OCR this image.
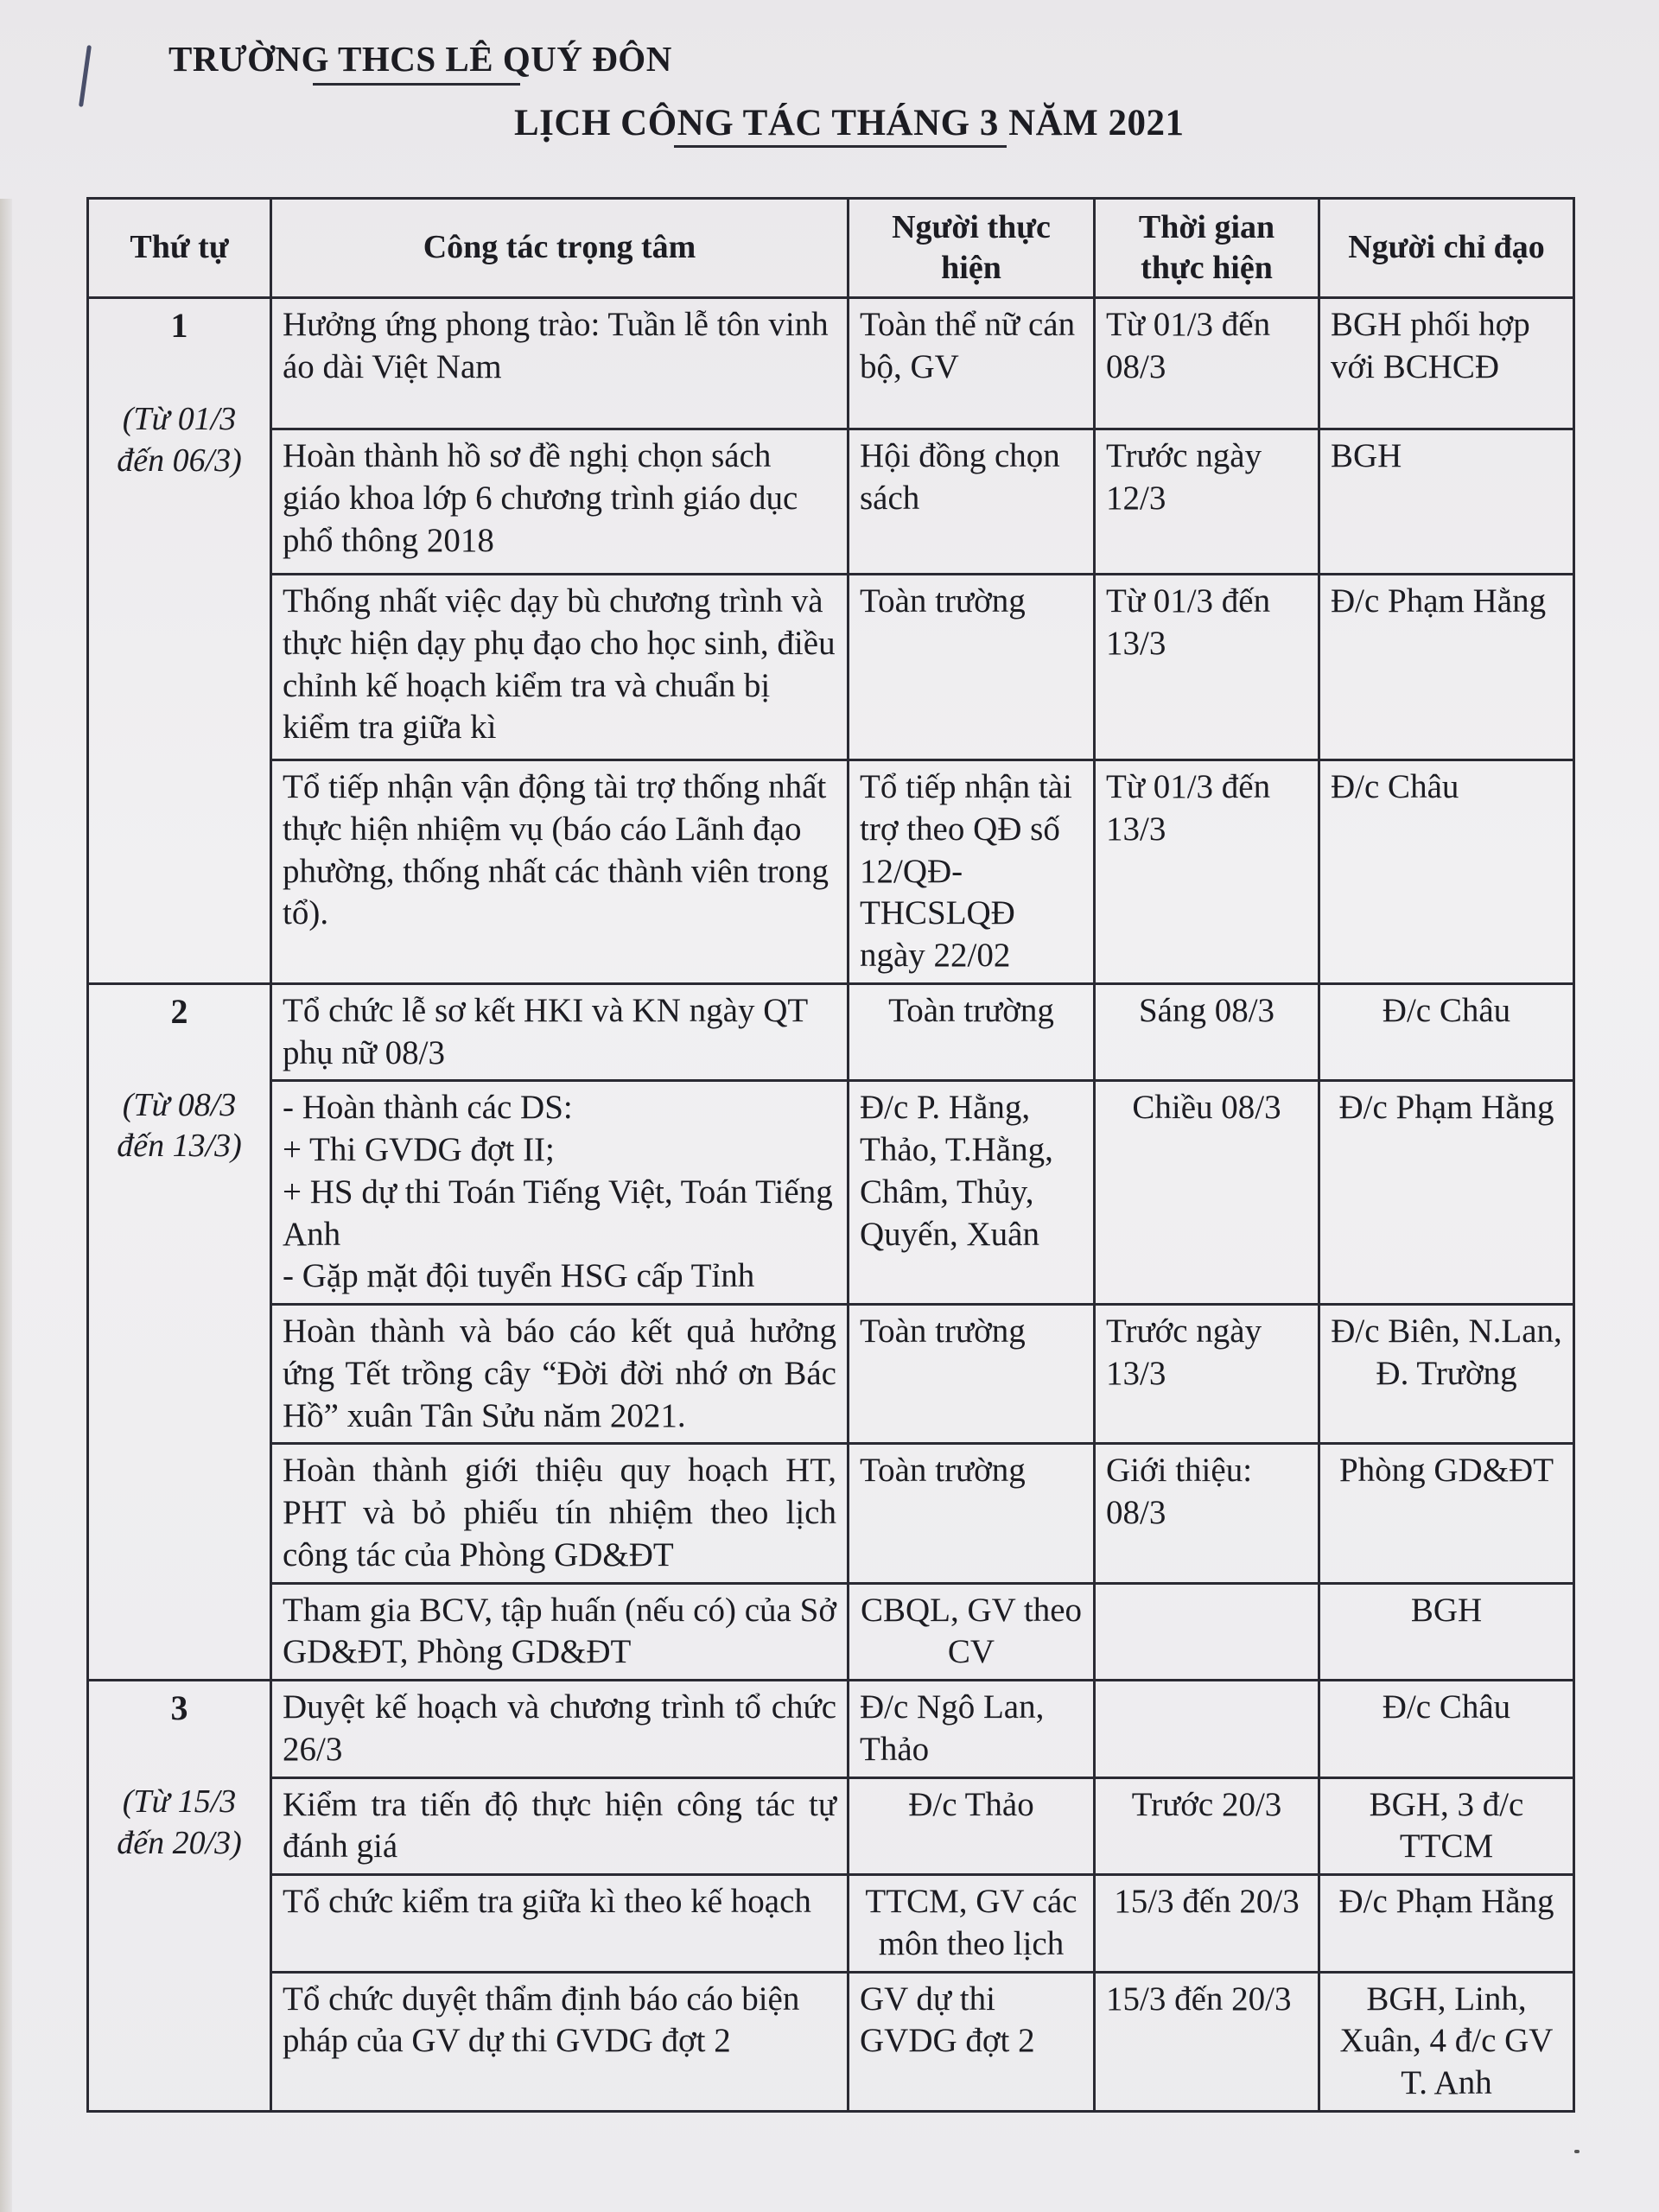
TRƯỜNG THCS LÊ QUÝ ĐÔN
LỊCH CÔNG TÁC THÁNG 3 NĂM 2021
Thứ tự	Công tác trọng tâm	Người thực hiện	Thời gian thực hiện	Người chỉ đạo

1
(Từ 01/3 đến 06/3)	Hưởng ứng phong trào: Tuần lễ tôn vinh áo dài Việt Nam	Toàn thể nữ cán bộ, GV	Từ 01/3 đến 08/3	BGH phối hợp với BCHCĐ
	Hoàn thành hồ sơ đề nghị chọn sách giáo khoa lớp 6 chương trình giáo dục phổ thông 2018	Hội đồng chọn sách	Trước ngày 12/3	BGH
	Thống nhất việc dạy bù chương trình và thực hiện dạy phụ đạo cho học sinh, điều chỉnh kế hoạch kiểm tra và chuẩn bị kiểm tra giữa kì	Toàn trường	Từ 01/3 đến 13/3	Đ/c Phạm Hằng
	Tổ tiếp nhận vận động tài trợ thống nhất thực hiện nhiệm vụ (báo cáo Lãnh đạo phường, thống nhất các thành viên trong tổ).	Tổ tiếp nhận tài trợ theo QĐ số 12/QĐ-THCSLQĐ ngày 22/02	Từ 01/3 đến 13/3	Đ/c Châu

2
(Từ 08/3 đến 13/3)	Tổ chức lễ sơ kết HKI và KN ngày QT phụ nữ 08/3	Toàn trường	Sáng 08/3	Đ/c Châu
	- Hoàn thành các DS:
+ Thi GVDG đợt II;
+ HS dự thi Toán Tiếng Việt, Toán Tiếng Anh
- Gặp mặt đội tuyển HSG cấp Tỉnh	Đ/c P. Hằng, Thảo, T.Hằng, Châm, Thủy, Quyến, Xuân	Chiều 08/3	Đ/c Phạm Hằng
	Hoàn thành và báo cáo kết quả hưởng ứng Tết trồng cây “Đời đời nhớ ơn Bác Hồ” xuân Tân Sửu năm 2021.	Toàn trường	Trước ngày 13/3	Đ/c Biên, N.Lan, Đ. Trường
	Hoàn thành giới thiệu quy hoạch HT, PHT và bỏ phiếu tín nhiệm theo lịch công tác của Phòng GD&ĐT	Toàn trường	Giới thiệu: 08/3	Phòng GD&ĐT
	Tham gia BCV, tập huấn (nếu có) của Sở GD&ĐT, Phòng GD&ĐT	CBQL, GV theo CV		BGH

3
(Từ 15/3 đến 20/3)	Duyệt kế hoạch và chương trình tổ chức 26/3	Đ/c Ngô Lan, Thảo		Đ/c Châu
	Kiểm tra tiến độ thực hiện công tác tự đánh giá	Đ/c Thảo	Trước 20/3	BGH, 3 đ/c TTCM
	Tổ chức kiểm tra giữa kì theo kế hoạch	TTCM, GV các môn theo lịch	15/3 đến 20/3	Đ/c Phạm Hằng
	Tổ chức duyệt thẩm định báo cáo biện pháp của GV dự thi GVDG đợt 2	GV dự thi GVDG đợt 2	15/3 đến 20/3	BGH, Linh, Xuân, 4 đ/c GV T. Anh
